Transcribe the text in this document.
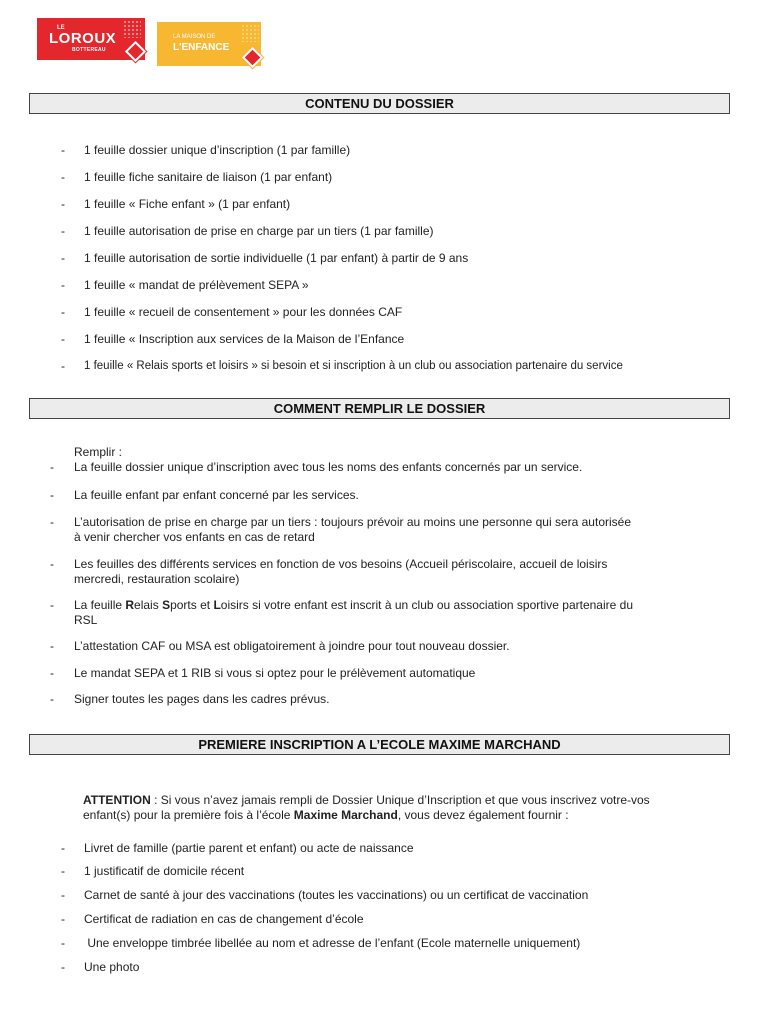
LE
LOROUX
BOTTEREAU
LA MAISON DE
L'ENFANCE
CONTENU DU DOSSIER
- 1 feuille dossier unique d’inscription (1 par famille)
- 1 feuille fiche sanitaire de liaison (1 par enfant)
- 1 feuille « Fiche enfant » (1 par enfant)
- 1 feuille autorisation de prise en charge par un tiers (1 par famille)
- 1 feuille autorisation de sortie individuelle (1 par enfant) à partir de 9 ans
- 1 feuille « mandat de prélèvement SEPA »
- 1 feuille « recueil de consentement » pour les données CAF
- 1 feuille « Inscription aux services de la Maison de l’Enfance
- 1 feuille « Relais sports et loisirs » si besoin et si inscription à un club ou association partenaire du service
COMMENT REMPLIR LE DOSSIER
Remplir :
- La feuille dossier unique d’inscription avec tous les noms des enfants concernés par un service.
- La feuille enfant par enfant concerné par les services.
- L’autorisation de prise en charge par un tiers : toujours prévoir au moins une personne qui sera autorisée
à venir chercher vos enfants en cas de retard
- Les feuilles des différents services en fonction de vos besoins (Accueil périscolaire, accueil de loisirs
mercredi, restauration scolaire)
- La feuille Relais Sports et Loisirs si votre enfant est inscrit à un club ou association sportive partenaire du
RSL
- L’attestation CAF ou MSA est obligatoirement à joindre pour tout nouveau dossier.
- Le mandat SEPA et 1 RIB si vous si optez pour le prélèvement automatique
- Signer toutes les pages dans les cadres prévus.
PREMIERE INSCRIPTION A L’ECOLE MAXIME MARCHAND
ATTENTION : Si vous n’avez jamais rempli de Dossier Unique d’Inscription et que vous inscrivez votre-vos
enfant(s) pour la première fois à l’école Maxime Marchand, vous devez également fournir :
- Livret de famille (partie parent et enfant) ou acte de naissance
- 1 justificatif de domicile récent
- Carnet de santé à jour des vaccinations (toutes les vaccinations) ou un certificat de vaccination
- Certificat de radiation en cas de changement d’école
- Une enveloppe timbrée libellée au nom et adresse de l’enfant (Ecole maternelle uniquement)
- Une photo
